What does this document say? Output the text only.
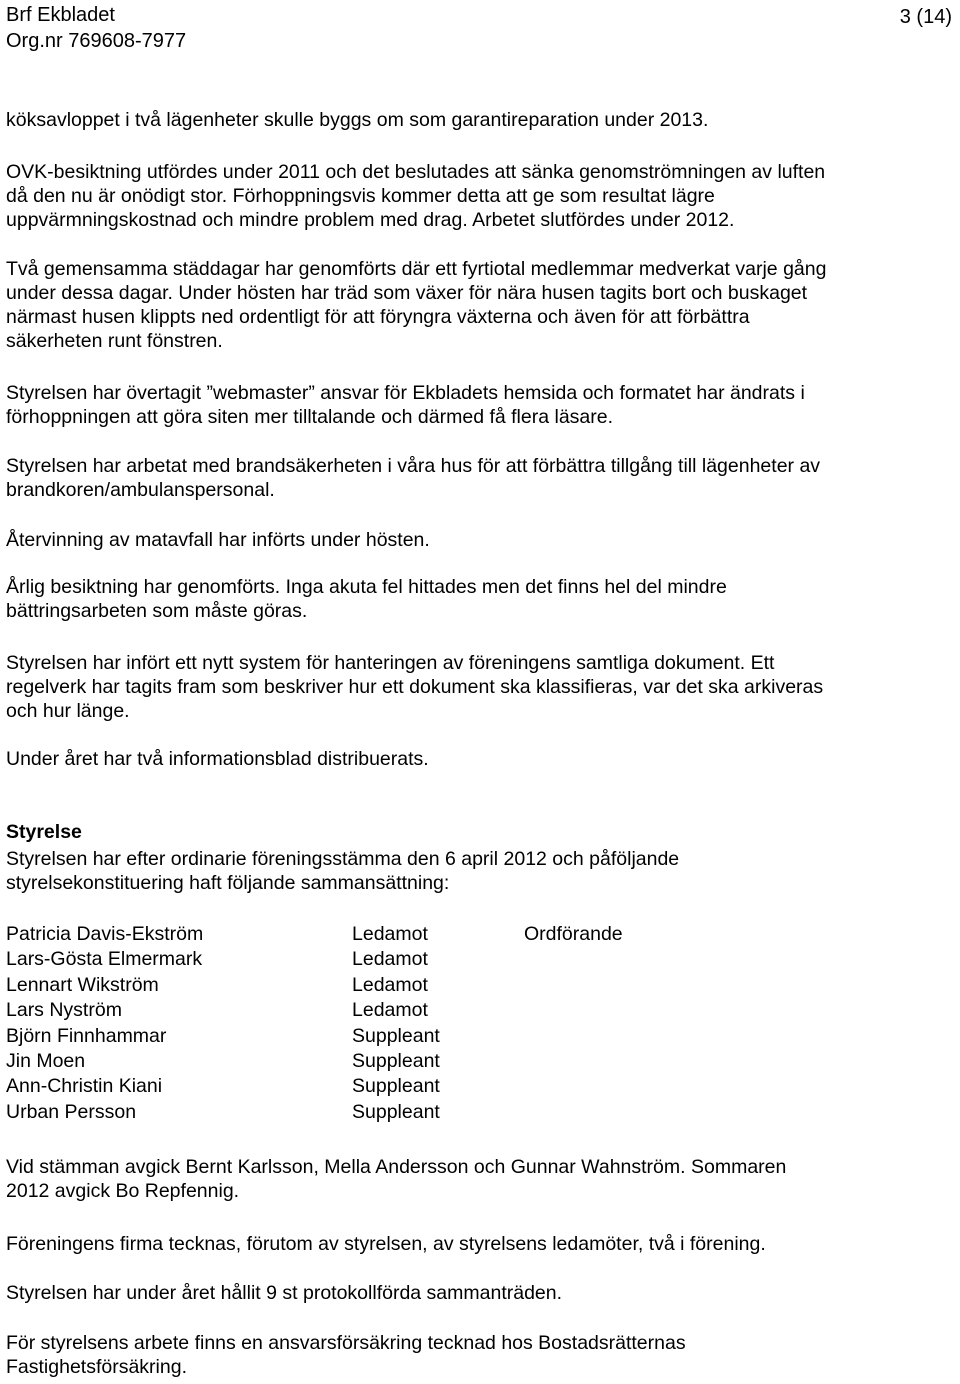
Brf Ekbladet
Org.nr 769608-7977
3 (14)
köksavloppet i två lägenheter skulle byggs om som garantireparation under 2013.
OVK-besiktning utfördes under 2011 och det beslutades att sänka genomströmningen av luften
då den nu är onödigt stor. Förhoppningsvis kommer detta att ge som resultat lägre
uppvärmningskostnad och mindre problem med drag. Arbetet slutfördes under 2012.
Två gemensamma städdagar har genomförts där ett fyrtiotal medlemmar medverkat varje gång
under dessa dagar. Under hösten har träd som växer för nära husen tagits bort och buskaget
närmast husen klippts ned ordentligt för att föryngra växterna och även för att förbättra
säkerheten runt fönstren.
Styrelsen har övertagit ”webmaster” ansvar för Ekbladets hemsida och formatet har ändrats i
förhoppningen att göra siten mer tilltalande och därmed få flera läsare.
Styrelsen har arbetat med brandsäkerheten i våra hus för att förbättra tillgång till lägenheter av
brandkoren/ambulanspersonal.
Återvinning av matavfall har införts under hösten.
Årlig besiktning har genomförts. Inga akuta fel hittades men det finns hel del mindre
bättringsarbeten som måste göras.
Styrelsen har infört ett nytt system för hanteringen av föreningens samtliga dokument. Ett
regelverk har tagits fram som beskriver hur ett dokument ska klassifieras, var det ska arkiveras
och hur länge.
Under året har två informationsblad distribuerats.
Styrelse
Styrelsen har efter ordinarie föreningsstämma den 6 april 2012 och påföljande
styrelsekonstituering haft följande sammansättning:
Patricia Davis-Ekström	Ledamot	Ordförande
Lars-Gösta Elmermark	Ledamot
Lennart Wikström	Ledamot
Lars Nyström	Ledamot
Björn Finnhammar	Suppleant
Jin Moen	Suppleant
Ann-Christin Kiani	Suppleant
Urban Persson	Suppleant
Vid stämman avgick Bernt Karlsson, Mella Andersson och Gunnar Wahnström. Sommaren
2012 avgick Bo Repfennig.
Föreningens firma tecknas, förutom av styrelsen, av styrelsens ledamöter, två i förening.
Styrelsen har under året hållit 9 st protokollförda sammanträden.
För styrelsens arbete finns en ansvarsförsäkring tecknad hos Bostadsrätternas
Fastighetsförsäkring.
